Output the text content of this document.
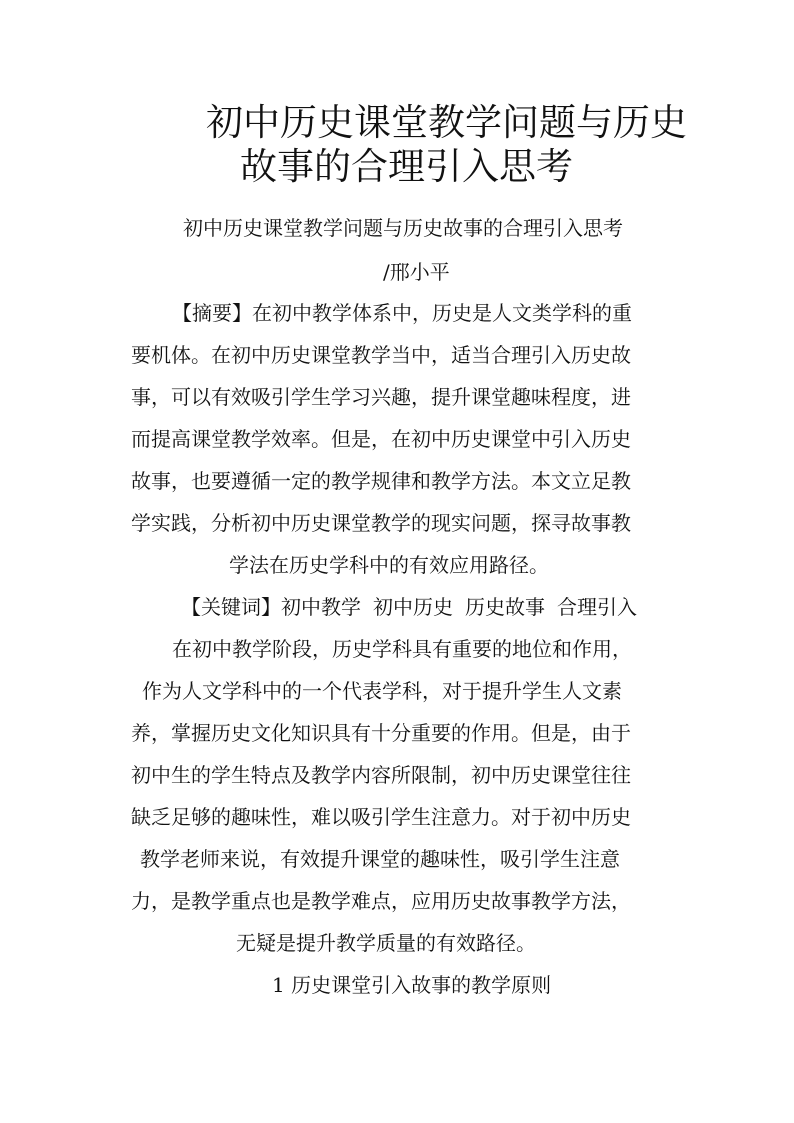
初中历史课堂教学问题与历史
故事的合理引入思考
初中历史课堂教学问题与历史故事的合理引入思考
/邢小平
【摘要】在初中教学体系中，历史是人文类学科的重
要机体。在初中历史课堂教学当中，适当合理引入历史故
事，可以有效吸引学生学习兴趣，提升课堂趣味程度，进
而提高课堂教学效率。但是，在初中历史课堂中引入历史
故事，也要遵循一定的教学规律和教学方法。本文立足教
学实践，分析初中历史课堂教学的现实问题，探寻故事教
学法在历史学科中的有效应用路径。
【关键词】初中教学 初中历史 历史故事 合理引入
在初中教学阶段，历史学科具有重要的地位和作用，
作为人文学科中的一个代表学科，对于提升学生人文素
养，掌握历史文化知识具有十分重要的作用。但是，由于
初中生的学生特点及教学内容所限制，初中历史课堂往往
缺乏足够的趣味性，难以吸引学生注意力。对于初中历史
教学老师来说，有效提升课堂的趣味性，吸引学生注意
力，是教学重点也是教学难点，应用历史故事教学方法，
无疑是提升教学质量的有效路径。
1 历史课堂引入故事的教学原则
